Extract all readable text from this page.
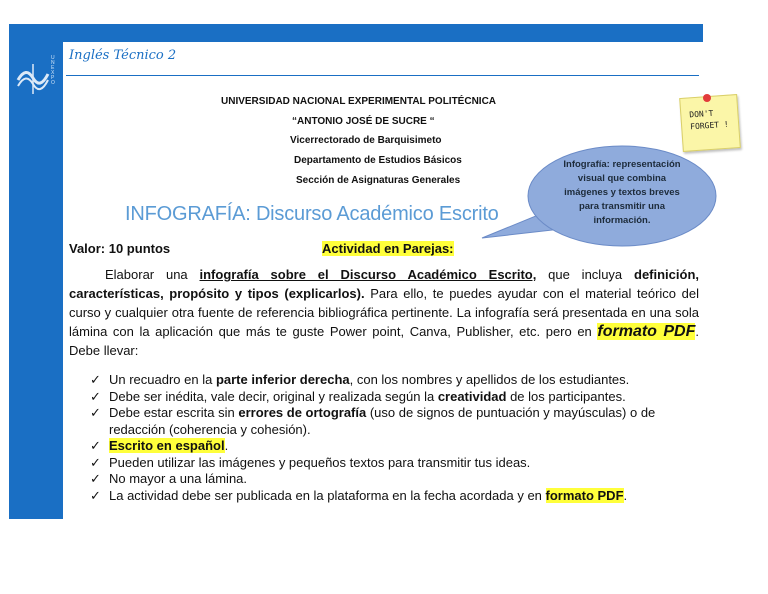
UNEXPO
Inglés Técnico 2
UNIVERSIDAD NACIONAL EXPERIMENTAL POLITÉCNICA
“ANTONIO JOSÉ DE SUCRE “
Vicerrectorado de Barquisimeto
Departamento de Estudios Básicos
Sección de Asignaturas Generales
INFOGRAFÍA: Discurso Académico Escrito
DON'T
FORGET !
Infografía: representación visual que combina imágenes y textos breves para transmitir una información.
Valor: 10 puntos	Actividad en Parejas:
Elaborar una infografía sobre el Discurso Académico Escrito, que incluya definición, características, propósito y tipos (explicarlos). Para ello, te puedes ayudar con el material teórico del curso y cualquier otra fuente de referencia bibliográfica pertinente. La infografía será presentada en una sola lámina con la aplicación que más te guste Power point, Canva, Publisher, etc. pero en formato PDF. Debe llevar:
✓ Un recuadro en la parte inferior derecha, con los nombres y apellidos de los estudiantes.
✓ Debe ser inédita, vale decir, original y realizada según la creatividad de los participantes.
✓ Debe estar escrita sin errores de ortografía (uso de signos de puntuación y mayúsculas) o de redacción (coherencia y cohesión).
✓ Escrito en español.
✓ Pueden utilizar las imágenes y pequeños textos para transmitir tus ideas.
✓ No mayor a una lámina.
✓ La actividad debe ser publicada en la plataforma en la fecha acordada y en formato PDF.
